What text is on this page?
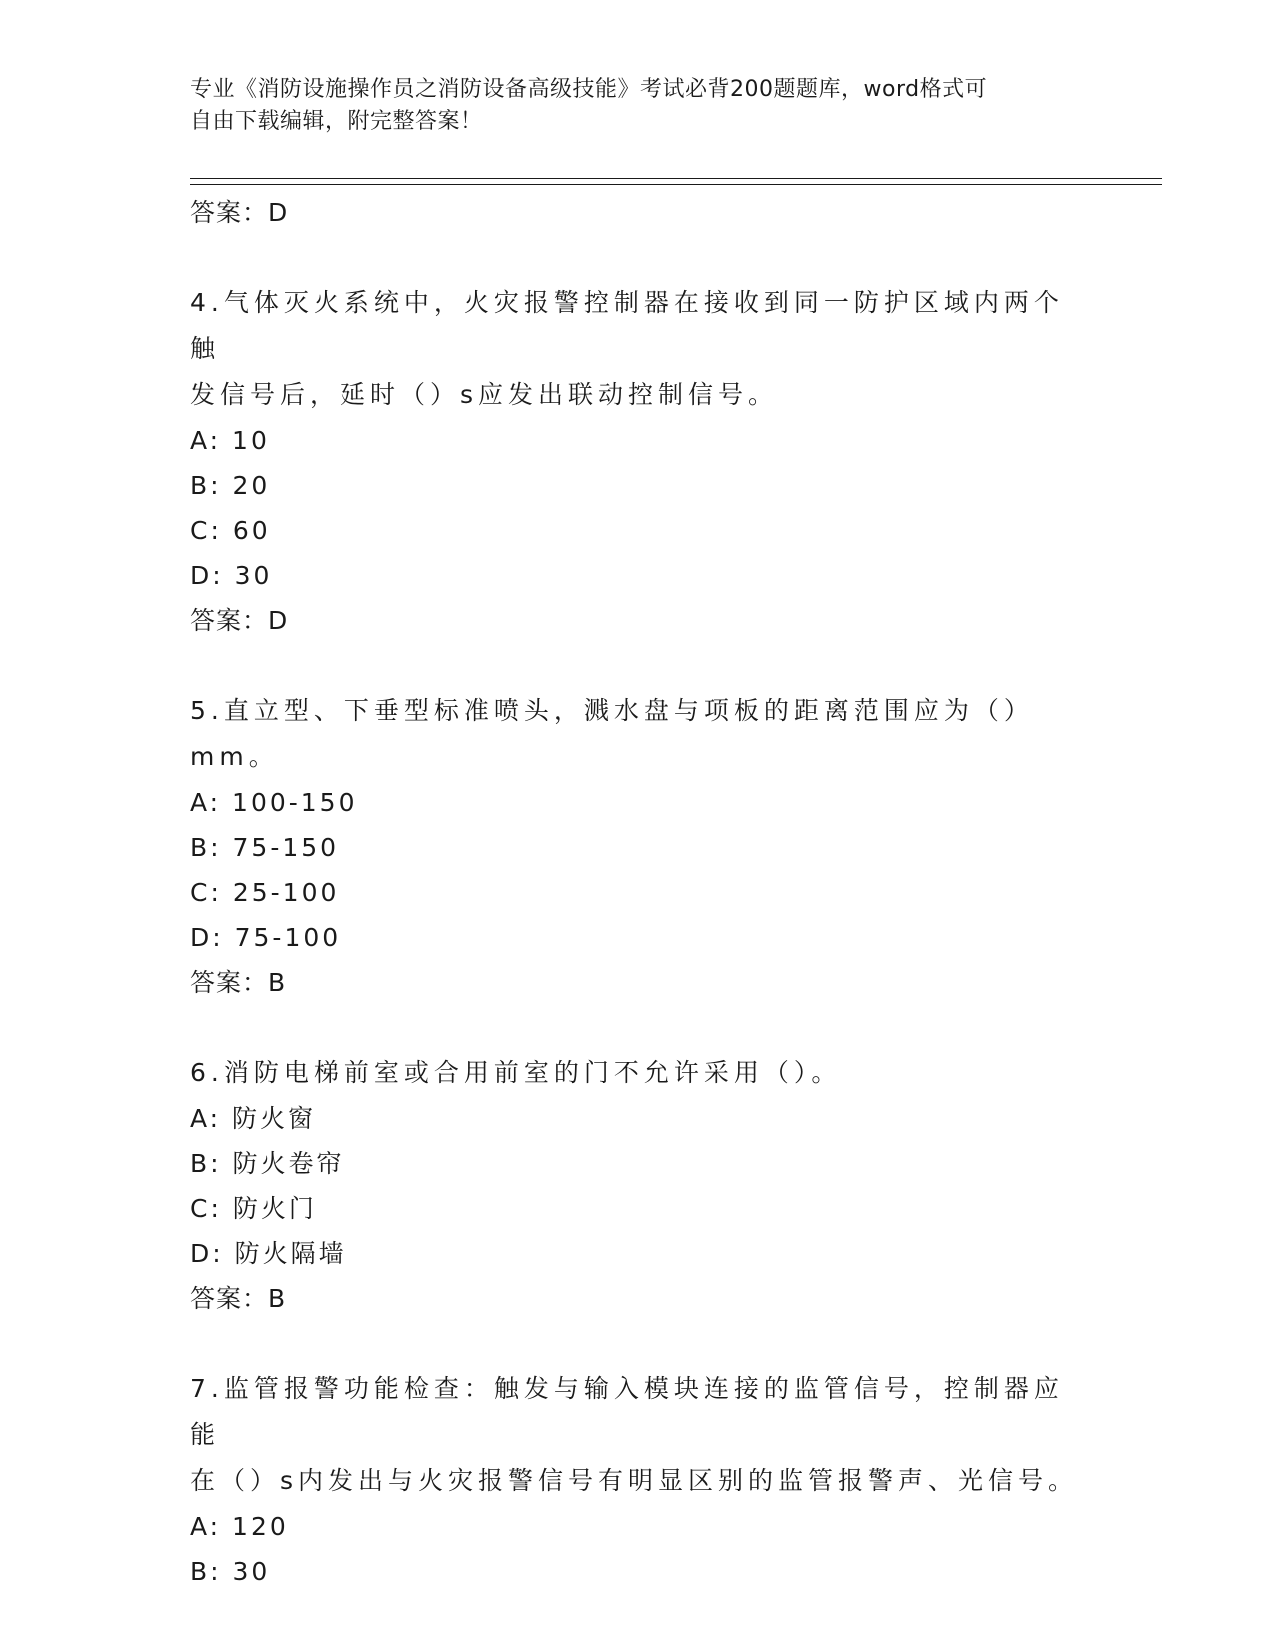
专业《消防设施操作员之消防设备高级技能》考试必背200题题库，word格式可
自由下载编辑，附完整答案！
答案：D
4.气体灭火系统中，火灾报警控制器在接收到同一防护区域内两个触
发信号后，延时（）s应发出联动控制信号。
A: 10
B: 20
C: 60
D: 30
答案：D
5.直立型、下垂型标准喷头，溅水盘与项板的距离范围应为（）mm。
A: 100-150
B: 75-150
C: 25-100
D: 75-100
答案：B
6.消防电梯前室或合用前室的门不允许采用（）。
A: 防火窗
B: 防火卷帘
C: 防火门
D: 防火隔墙
答案：B
7.监管报警功能检查：触发与输入模块连接的监管信号，控制器应能
在（）s内发出与火灾报警信号有明显区别的监管报警声、光信号。
A: 120
B: 30
